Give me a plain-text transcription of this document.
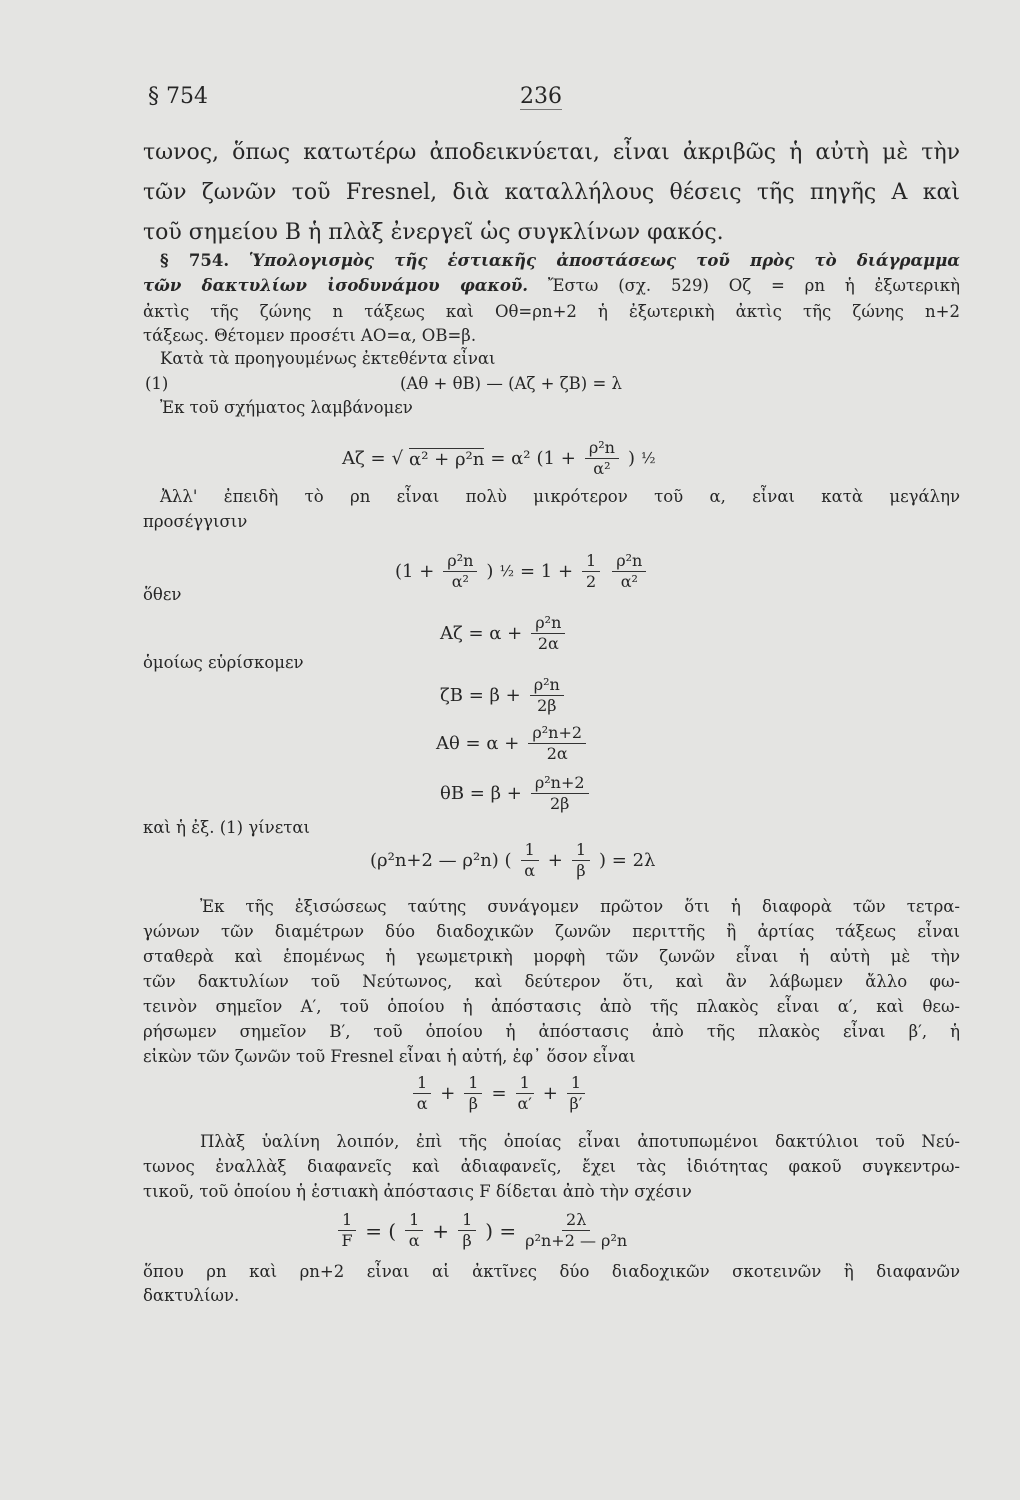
§ 754	236
τωνος, ὅπως κατωτέρω ἀποδεικνύεται, εἶναι ἀκριβῶς ἡ αὐτὴ μὲ τὴν
τῶν ζωνῶν τοῦ Fresnel, διὰ καταλλήλους θέσεις τῆς πηγῆς Α καὶ
τοῦ σημείου Β ἡ πλὰξ ἐνεργεῖ ὡς συγκλίνων φακός.
§ 754. Ὑπολογισμὸς τῆς ἑστιακῆς ἀποστάσεως τοῦ πρὸς τὸ διάγραμμα
τῶν δακτυλίων ἰσοδυνάμου φακοῦ. Ἔστω (σχ. 529) Οζ = ρn ἡ ἐξωτερικὴ
ἀκτὶς τῆς ζώνης n τάξεως καὶ Οθ=ρn+2 ἡ ἐξωτερικὴ ἀκτὶς τῆς ζώνης n+2
τάξεως. Θέτομεν προσέτι ΑΟ=α, ΟΒ=β.
Κατὰ τὰ προηγουμένως ἐκτεθέντα εἶναι
(1)	(Αθ + θΒ) — (Αζ + ζΒ) = λ
Ἐκ τοῦ σχήματος λαμβάνομεν
Αζ = √ α² + ρ²n = α² ($1 + \frac{\text{ρ²n}}{\text{α²}}$ ) ½
Ἀλλ' ἐπειδὴ τὸ ρn εἶναι πολὺ μικρότερον τοῦ α, εἶναι κατὰ μεγάλην
προσέγγισιν
($1 + \frac{\text{ρ²n}}{\text{α²}}$ ) ½ = $1 + \frac{1}{2} \frac{\text{ρ²n}}{\text{α²}}$
ὅθεν
$A\zeta = \alpha + \frac{\text{ρ²n}}{2\alpha}$
ὁμοίως εὑρίσκομεν
$\zeta B = \beta + \frac{\text{ρ²n}}{2\beta}$
$A\theta = \alpha + \frac{\text{ρ²n+2}}{2\alpha}$
$\theta B = \beta + \frac{\text{ρ²n+2}}{2\beta}$
καὶ ἡ ἐξ. (1) γίνεται
(ρ²n+2 — ρ²n) ( $\frac{1}{\alpha} + \frac{1}{\beta}$ ) = 2λ
Ἐκ τῆς ἐξισώσεως ταύτης συνάγομεν πρῶτον ὅτι ἡ διαφορὰ τῶν τετρα-
γώνων τῶν διαμέτρων δύο διαδοχικῶν ζωνῶν περιττῆς ἢ ἀρτίας τάξεως εἶναι
σταθερὰ καὶ ἑπομένως ἡ γεωμετρικὴ μορφὴ τῶν ζωνῶν εἶναι ἡ αὐτὴ μὲ τὴν
τῶν δακτυλίων τοῦ Νεύτωνος, καὶ δεύτερον ὅτι, καὶ ἂν λάβωμεν ἄλλο φω-
τεινὸν σημεῖον Α′, τοῦ ὁποίου ἡ ἀπόστασις ἀπὸ τῆς πλακὸς εἶναι α′, καὶ θεω-
ρήσωμεν σημεῖον Β′, τοῦ ὁποίου ἡ ἀπόστασις ἀπὸ τῆς πλακὸς εἶναι β′, ἡ
εἰκὼν τῶν ζωνῶν τοῦ Fresnel εἶναι ἡ αὐτή, ἐφ᾽ ὅσον εἶναι
$\frac{1}{\alpha} + \frac{1}{\beta} = \frac{1}{\alpha'} + \frac{1}{\beta'}$
Πλὰξ ὑαλίνη λοιπόν, ἐπὶ τῆς ὁποίας εἶναι ἀποτυπωμένοι δακτύλιοι τοῦ Νεύ-
τωνος ἐναλλὰξ διαφανεῖς καὶ ἀδιαφανεῖς, ἔχει τὰς ἰδιότητας φακοῦ συγκεντρω-
τικοῦ, τοῦ ὁποίου ἡ ἑστιακὴ ἀπόστασις F δίδεται ἀπὸ τὴν σχέσιν
$\frac{1}{F}$ = ( $\frac{1}{\alpha} + \frac{1}{\beta}$ ) = $\frac{2\lambda}{\text{ρ²n+2 — ρ²n}}$
ὅπου ρn καὶ ρn+2 εἶναι αἱ ἀκτῖνες δύο διαδοχικῶν σκοτεινῶν ἢ διαφανῶν
δακτυλίων.
